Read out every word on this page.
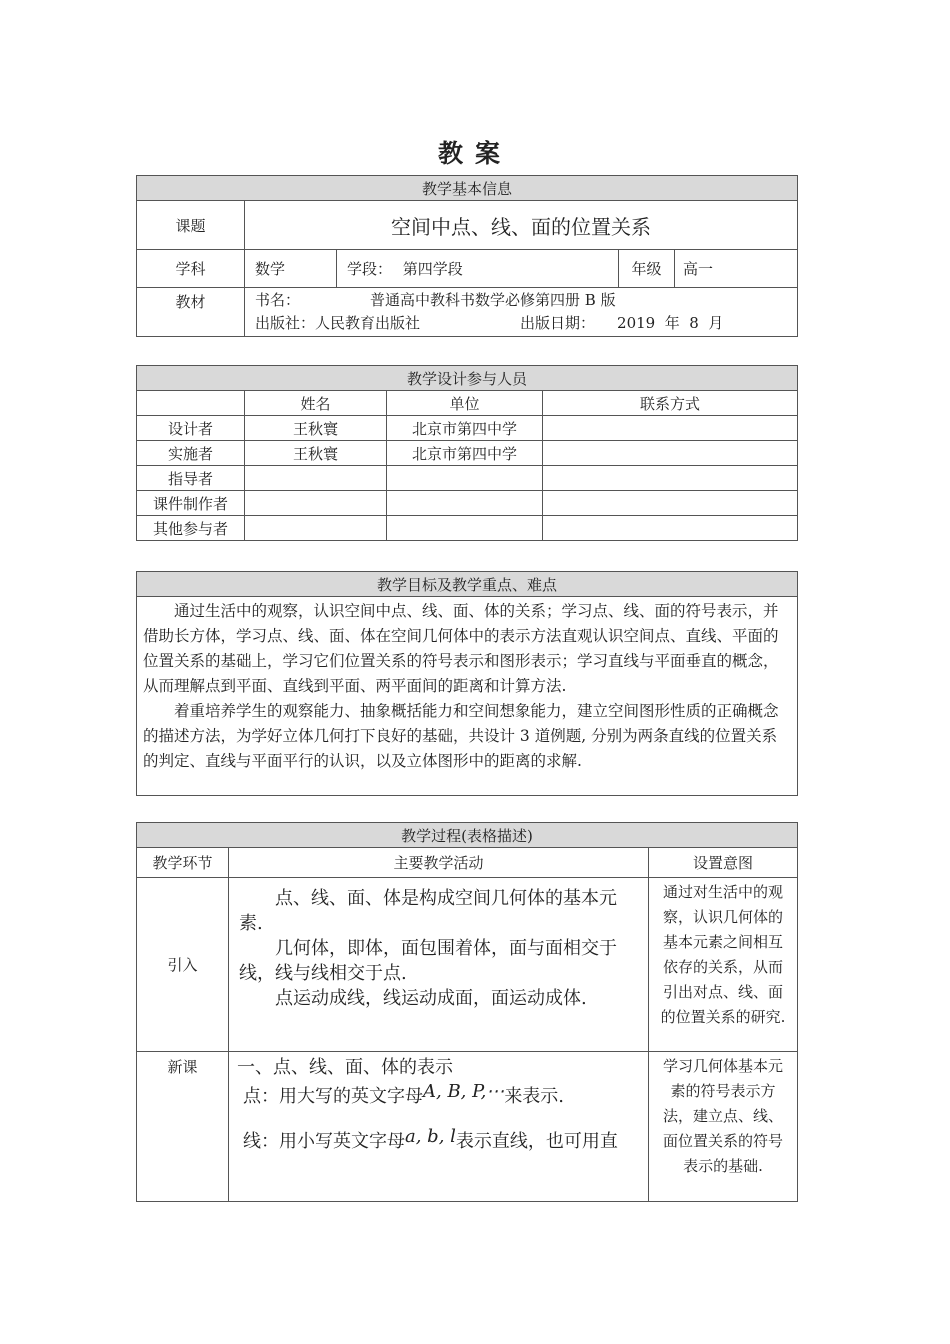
教案
教学基本信息				
课题	空间中点、线、面的位置关系			
学科	数学	学段： 第四学段	年级	高一
教材	书名： 普通高中教科书数学必修第四册 B 版
出版社：人民教育出版社 出版日期： 2019  年  8  月			
教学设计参与人员			
	姓名	单位	联系方式
设计者	王秋寰	北京市第四中学	
实施者	王秋寰	北京市第四中学	
指导者			
课件制作者			
其他参与者			
教学目标及教学重点、难点

通过生活中的观察，认识空间中点、线、面、体的关系；学习点、线、面的符号表示，并借助长方体，学习点、线、面、体在空间几何体中的表示方法直观认识空间点、直线、平面的位置关系的基础上，学习它们位置关系的符号表示和图形表示；学习直线与平面垂直的概念，从而理解点到平面、直线到平面、两平面间的距离和计算方法.

着重培养学生的观察能力、抽象概括能力和空间想象能力，建立空间图形性质的正确概念的描述方法，为学好立体几何打下良好的基础，共设计 3 道例题, 分别为两条直线的位置关系的判定、直线与平面平行的认识，以及立体图形中的距离的求解.

教学过程(表格描述)		
教学环节	主要教学活动	设置意图
引入	点、线、面、体是构成空间几何体的基本元素.

几何体，即体，面包围着体，面与面相交于线，线与线相交于点.

点运动成线，线运动成面，面运动成体.	通过对生活中的观察，认识几何体的基本元素之间相互依存的关系，从而引出对点、线、面的位置关系的研究.

新课	一、点、线、面、体的表示
点：用大写的英文字母A, B, P,⋯来表示.
线：用小写英文字母a, b, l表示直线，也可用直	学习几何体基本元素的符号表示方法，建立点、线、面位置关系的符号表示的基础.
